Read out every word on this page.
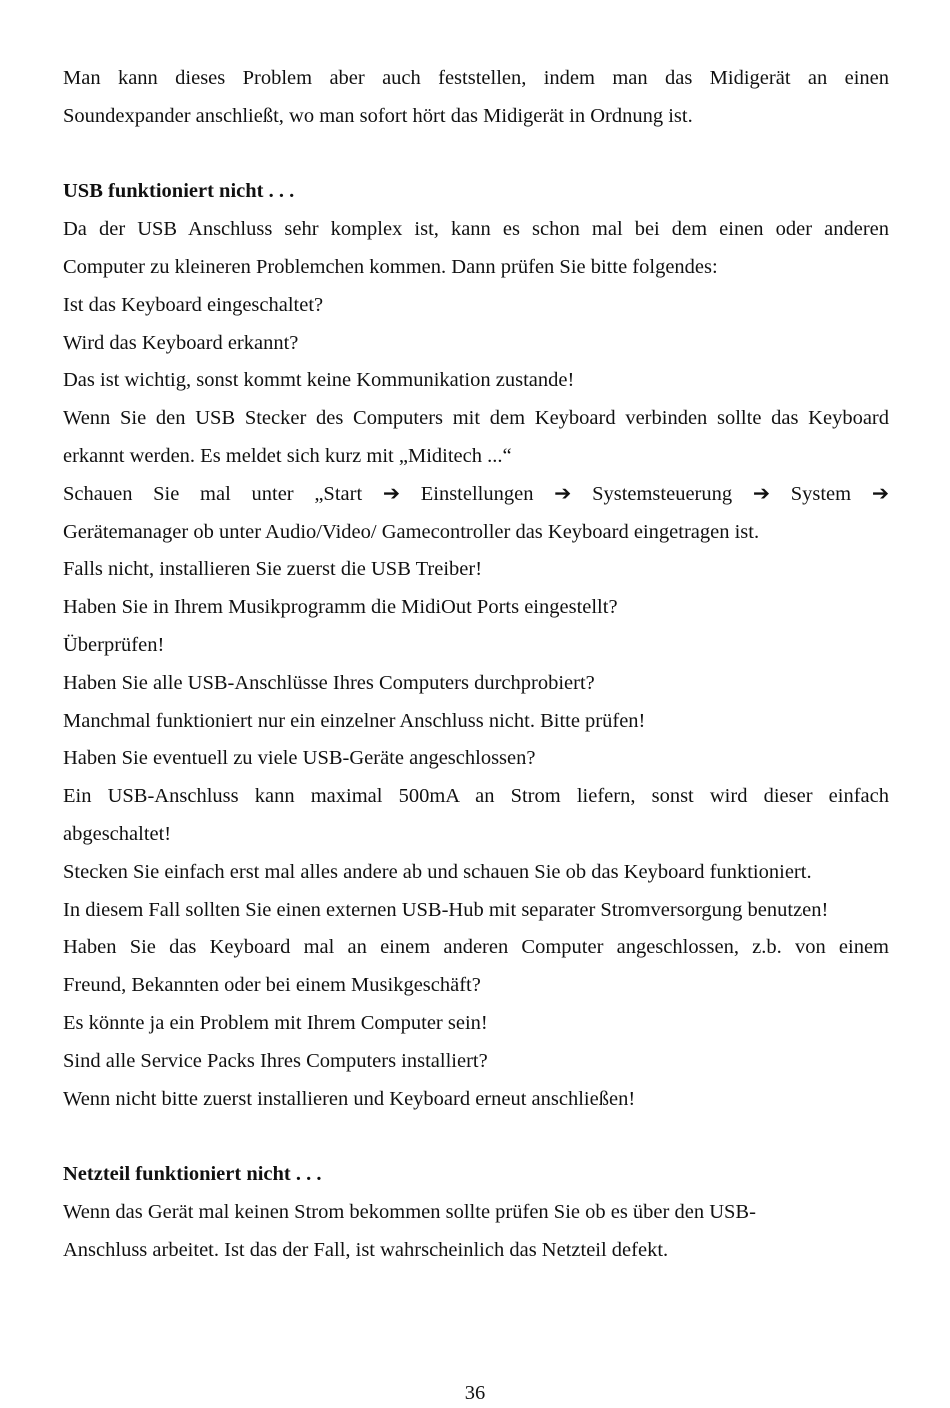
Man kann dieses Problem aber auch feststellen, indem man das Midigerät an einen
Soundexpander anschließt, wo man sofort hört das Midigerät in Ordnung ist.
USB funktioniert nicht . . .
Da der USB Anschluss sehr komplex ist, kann es schon mal bei dem einen oder anderen
Computer zu kleineren Problemchen kommen. Dann prüfen Sie bitte folgendes:
Ist das Keyboard eingeschaltet?
Wird das Keyboard erkannt?
Das ist wichtig, sonst kommt keine Kommunikation zustande!
Wenn Sie den USB Stecker des Computers mit dem Keyboard verbinden sollte das Keyboard
erkannt werden. Es meldet sich kurz mit „Miditech ...“
Schauen Sie mal unter „Start ➔ Einstellungen ➔ Systemsteuerung ➔ System ➔
Gerätemanager ob unter Audio/Video/ Gamecontroller das Keyboard eingetragen ist.
Falls nicht, installieren Sie zuerst die USB Treiber!
Haben Sie in Ihrem Musikprogramm die MidiOut Ports eingestellt?
Überprüfen!
Haben Sie alle USB-Anschlüsse Ihres Computers durchprobiert?
Manchmal funktioniert nur ein einzelner Anschluss nicht. Bitte prüfen!
Haben Sie eventuell zu viele USB-Geräte angeschlossen?
Ein USB-Anschluss kann maximal 500mA an Strom liefern, sonst wird dieser einfach
abgeschaltet!
Stecken Sie einfach erst mal alles andere ab und schauen Sie ob das Keyboard funktioniert.
In diesem Fall sollten Sie einen externen USB-Hub mit separater Stromversorgung benutzen!
Haben Sie das Keyboard mal an einem anderen Computer angeschlossen, z.b. von einem
Freund, Bekannten oder bei einem Musikgeschäft?
Es könnte ja ein Problem mit Ihrem Computer sein!
Sind alle Service Packs Ihres Computers installiert?
Wenn nicht bitte zuerst installieren und Keyboard erneut anschließen!
Netzteil funktioniert nicht . . .
Wenn das Gerät mal keinen Strom bekommen sollte prüfen Sie ob es über den USB-
Anschluss arbeitet. Ist das der Fall, ist wahrscheinlich das Netzteil defekt.
36
